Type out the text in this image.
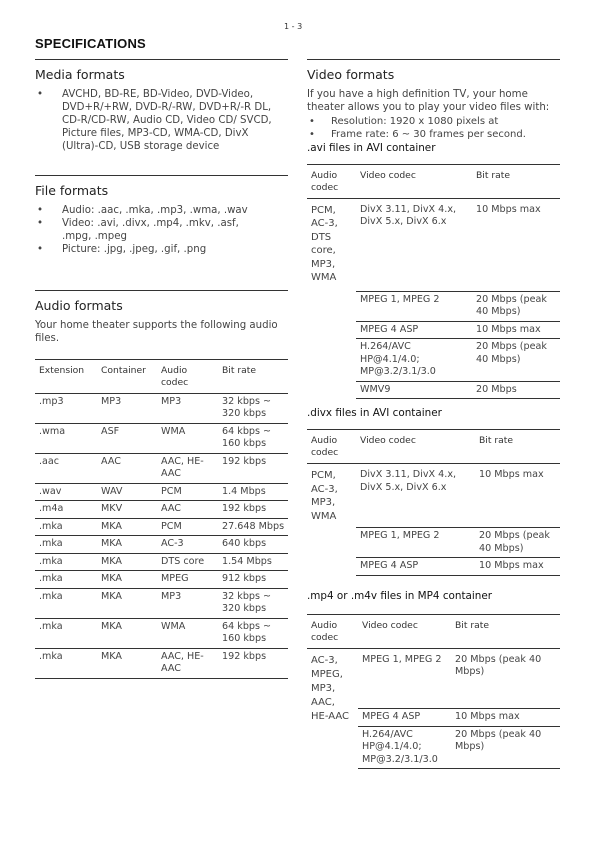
1 - 3
SPECIFICATIONS
Media formats
• AVCHD, BD-RE, BD-Video, DVD-Video, DVD+R/+RW, DVD-R/-RW, DVD+R/-R DL, CD-R/CD-RW, Audio CD, Video CD/ SVCD, Picture files, MP3-CD, WMA-CD, DivX (Ultra)-CD, USB storage device
File formats
• Audio: .aac, .mka, .mp3, .wma, .wav
• Video: .avi, .divx, .mp4, .mkv, .asf, .mpg, .mpeg
• Picture: .jpg, .jpeg, .gif, .png
Audio formats
Your home theater supports the following audio files.
Extension	Container	Audio codec	Bit rate
.mp3	MP3	MP3	32 kbps ~ 320 kbps
.wma	ASF	WMA	64 kbps ~ 160 kbps
.aac	AAC	AAC, HE-AAC	192 kbps
.wav	WAV	PCM	1.4 Mbps
.m4a	MKV	AAC	192 kbps
.mka	MKA	PCM	27.648 Mbps
.mka	MKA	AC-3	640 kbps
.mka	MKA	DTS core	1.54 Mbps
.mka	MKA	MPEG	912 kbps
.mka	MKA	MP3	32 kbps ~ 320 kbps
.mka	MKA	WMA	64 kbps ~ 160 kbps
.mka	MKA	AAC, HE-AAC	192 kbps
Video formats
If you have a high definition TV, your home theater allows you to play your video files with:
• Resolution: 1920 x 1080 pixels at
• Frame rate: 6 ~ 30 frames per second.
.avi files in AVI container
Audio codec	Video codec	Bit rate
PCM, AC-3, DTS core, MP3, WMA	DivX 3.11, DivX 4.x, DivX 5.x, DivX 6.x	10 Mbps max
	MPEG 1, MPEG 2	20 Mbps (peak 40 Mbps)
	MPEG 4 ASP	10 Mbps max
	H.264/AVC HP@4.1/4.0; MP@3.2/3.1/3.0	20 Mbps (peak 40 Mbps)
	WMV9	20 Mbps
.divx files in AVI container
Audio codec	Video codec	Bit rate
PCM, AC-3, MP3, WMA	DivX 3.11, DivX 4.x, DivX 5.x, DivX 6.x	10 Mbps max
	MPEG 1, MPEG 2	20 Mbps (peak 40 Mbps)
	MPEG 4 ASP	10 Mbps max
.mp4 or .m4v files in MP4 container
Audio codec	Video codec	Bit rate
AC-3, MPEG, MP3, AAC, HE-AAC	MPEG 1, MPEG 2	20 Mbps (peak 40 Mbps)
	MPEG 4 ASP	10 Mbps max
	H.264/AVC HP@4.1/4.0; MP@3.2/3.1/3.0	20 Mbps (peak 40 Mbps)
